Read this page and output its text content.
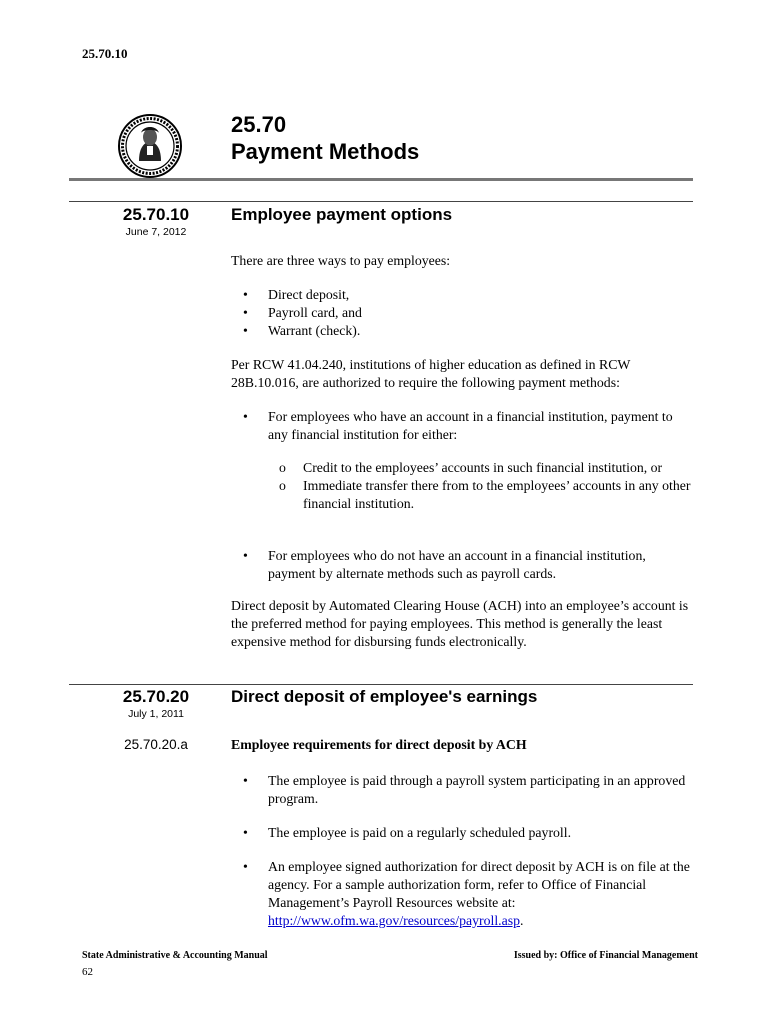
25.70.10
25.70
Payment Methods
25.70.10
June 7, 2012
Employee payment options
There are three ways to pay employees:
• Direct deposit,
• Payroll card, and
• Warrant (check).
Per RCW 41.04.240, institutions of higher education as defined in RCW 28B.10.016, are authorized to require the following payment methods:
• For employees who have an account in a financial institution, payment to any financial institution for either:
o Credit to the employees’ accounts in such financial institution, or
o Immediate transfer there from to the employees’ accounts in any other financial institution.
• For employees who do not have an account in a financial institution, payment by alternate methods such as payroll cards.
Direct deposit by Automated Clearing House (ACH) into an employee’s account is the preferred method for paying employees. This method is generally the least expensive method for disbursing funds electronically.
25.70.20
July 1, 2011
Direct deposit of employee's earnings
25.70.20.a	Employee requirements for direct deposit by ACH
• The employee is paid through a payroll system participating in an approved program.
• The employee is paid on a regularly scheduled payroll.
• An employee signed authorization for direct deposit by ACH is on file at the agency. For a sample authorization form, refer to Office of Financial Management’s Payroll Resources website at: http://www.ofm.wa.gov/resources/payroll.asp.
State Administrative & Accounting Manual	Issued by: Office of Financial Management
62
